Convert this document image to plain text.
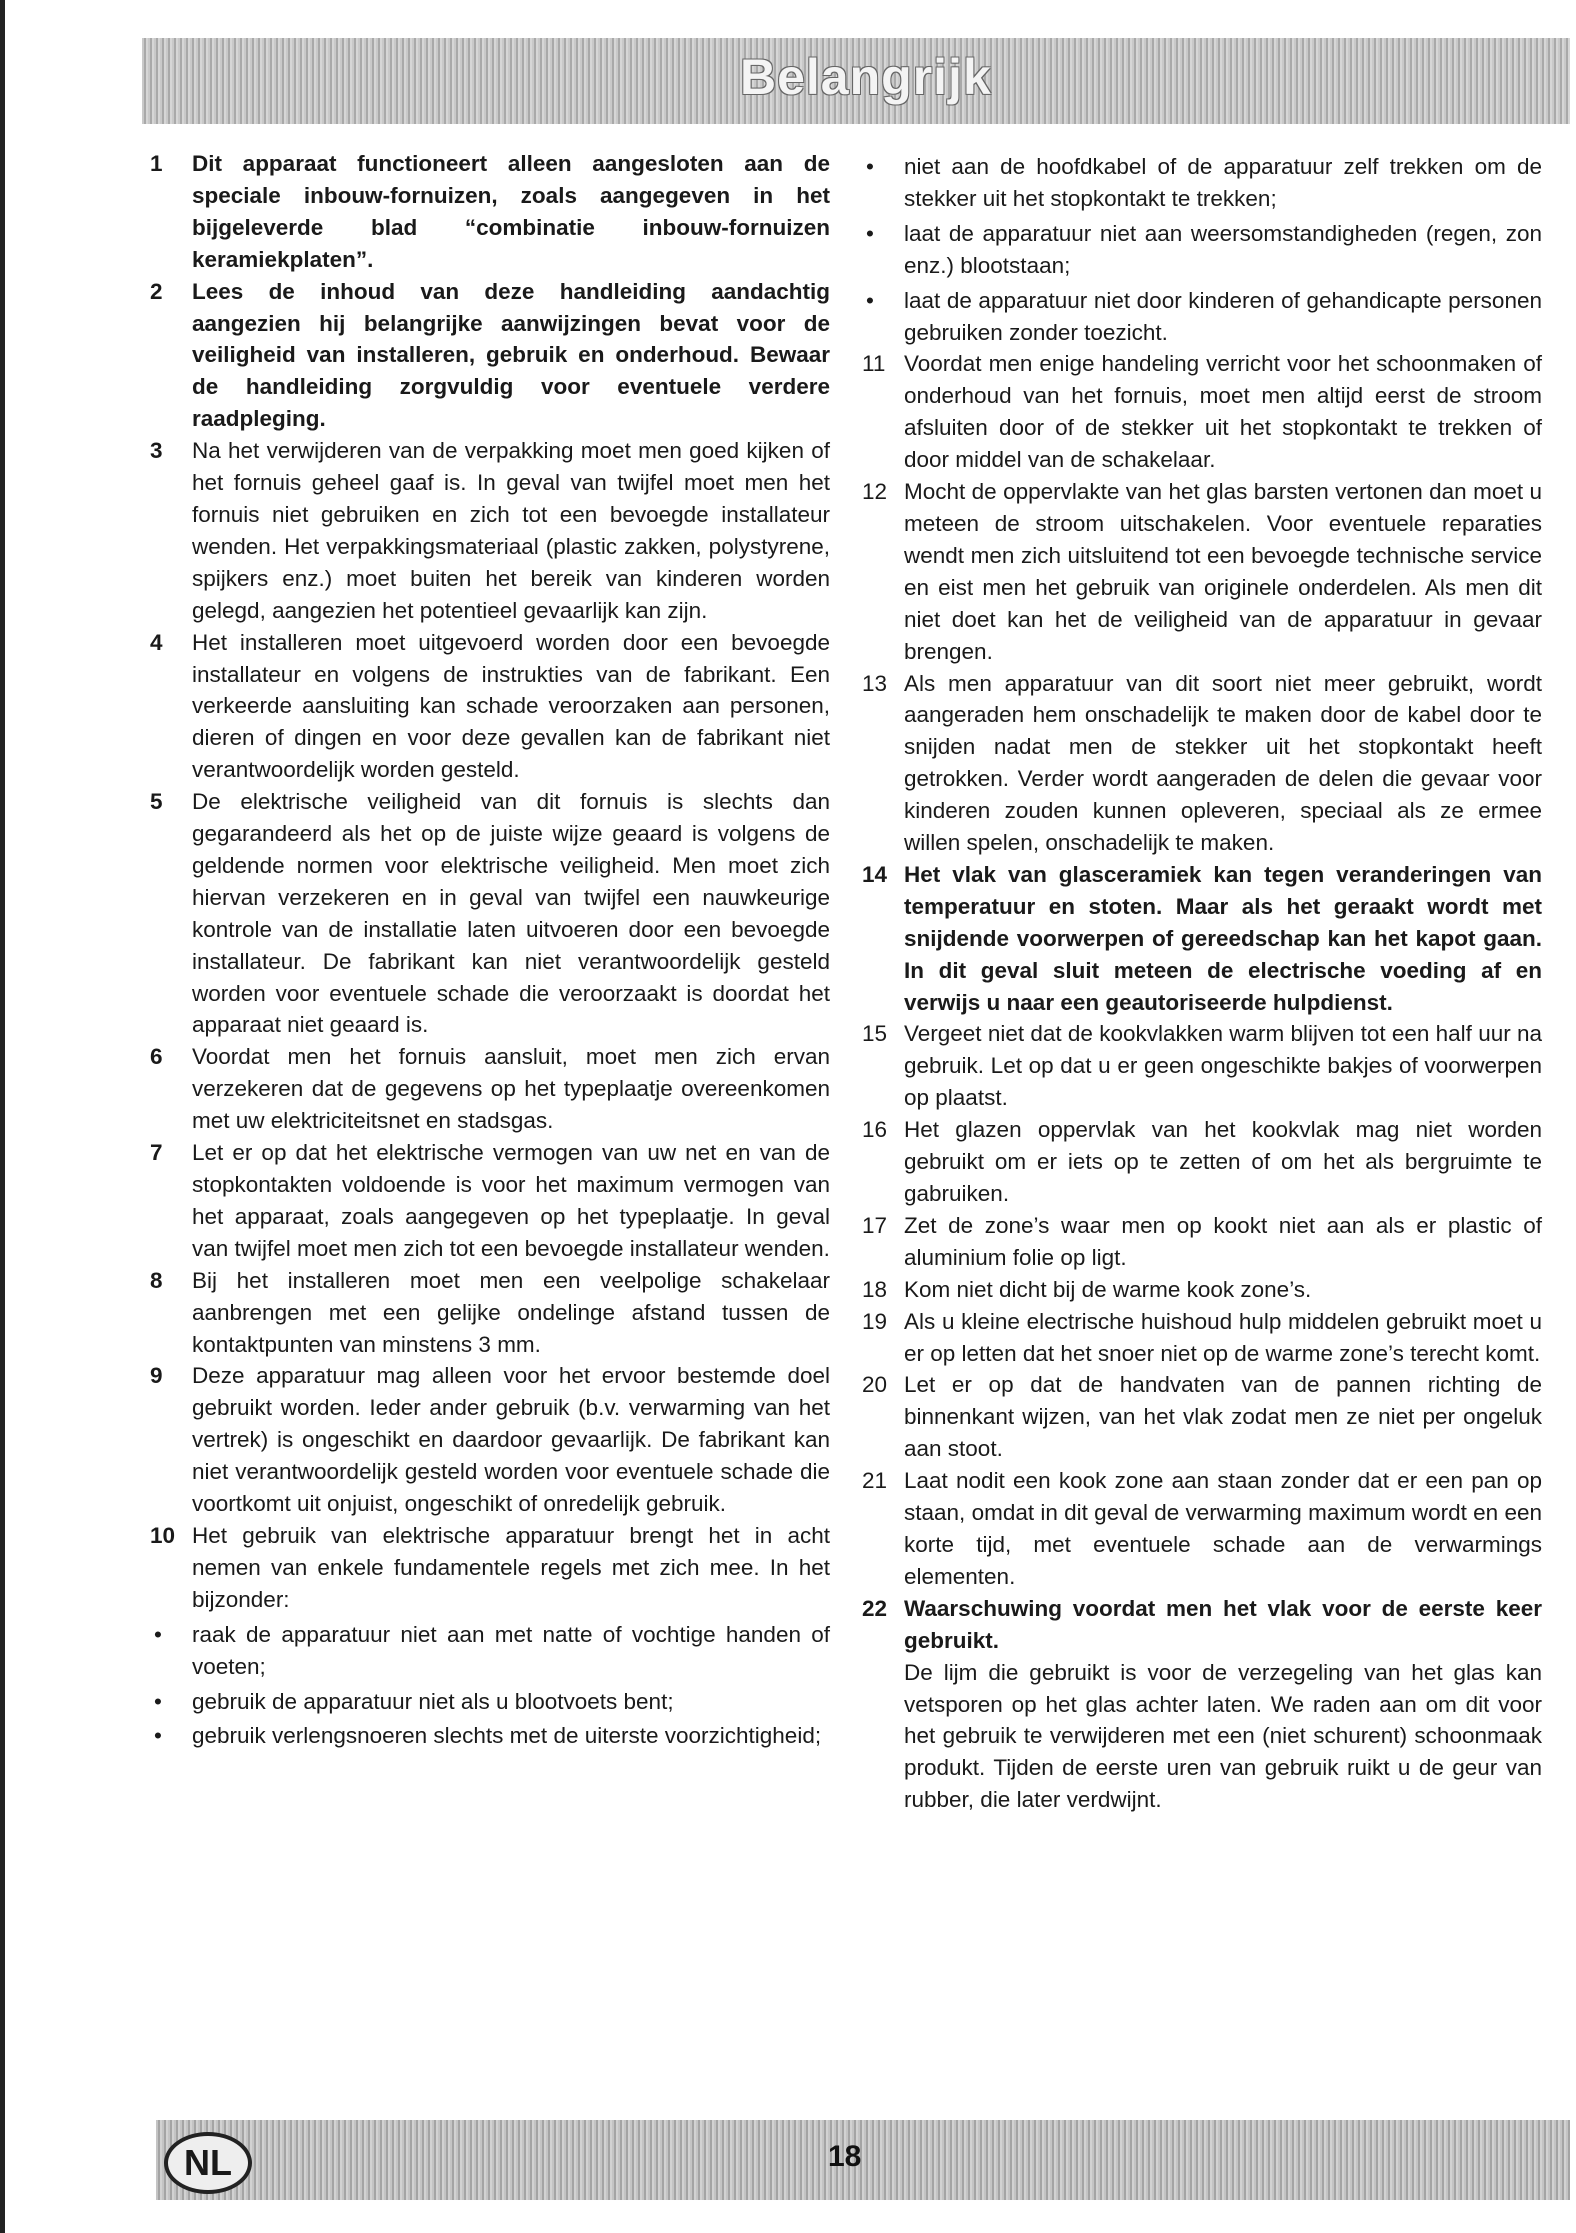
Belangrijk
1	Dit apparaat functioneert alleen aangesloten aan de speciale inbouw-fornuizen, zoals aangegeven in het bijgeleverde blad “combinatie inbouw-fornuizen keramiekplaten”.
2	Lees de inhoud van deze handleiding aandachtig aangezien hij belangrijke aanwijzingen bevat voor de veiligheid van installeren, gebruik en onderhoud. Bewaar de handleiding zorgvuldig voor eventuele verdere raadpleging.
3	Na het verwijderen van de verpakking moet men goed kijken of het fornuis geheel gaaf is. In geval van twijfel moet men het fornuis niet gebruiken en zich tot een bevoegde installateur wenden. Het verpakkingsmateriaal (plastic zakken, polystyrene, spijkers enz.) moet buiten het bereik van kinderen worden gelegd, aangezien het potentieel gevaarlijk kan zijn.
4	Het installeren moet uitgevoerd worden door een bevoegde installateur en volgens de instrukties van de fabrikant. Een verkeerde aansluiting kan schade veroorzaken aan personen, dieren of dingen en voor deze gevallen kan de fabrikant niet verantwoordelijk worden gesteld.
5	De elektrische veiligheid van dit fornuis is slechts dan gegarandeerd als het op de juiste wijze geaard is volgens de geldende normen voor elektrische veiligheid. Men moet zich hiervan verzekeren en in geval van twijfel een nauwkeurige kontrole van de installatie laten uitvoeren door een bevoegde installateur. De fabrikant kan niet verantwoordelijk gesteld worden voor eventuele schade die veroorzaakt is doordat het apparaat niet geaard is.
6	Voordat men het fornuis aansluit, moet men zich ervan verzekeren dat de gegevens op het typeplaatje overeenkomen met uw elektriciteitsnet en stadsgas.
7	Let er op dat het elektrische vermogen van uw net en van de stopkontakten voldoende is voor het maximum vermogen van het apparaat, zoals aangegeven op het typeplaatje. In geval van twijfel moet men zich tot een bevoegde installateur wenden.
8	Bij het installeren moet men een veelpolige schakelaar aanbrengen met een gelijke ondelinge afstand tussen de kontaktpunten van minstens 3 mm.
9	Deze apparatuur mag alleen voor het ervoor bestemde doel gebruikt worden. Ieder ander gebruik (b.v. verwarming van het vertrek) is ongeschikt en daardoor gevaarlijk. De fabrikant kan niet verantwoordelijk gesteld worden voor eventuele schade die voortkomt uit onjuist, ongeschikt of onredelijk gebruik.
10 Het gebruik van elektrische apparatuur brengt het in acht nemen van enkele fundamentele regels met zich mee. In het bijzonder:
• raak de apparatuur niet aan met natte of vochtige handen of voeten;
• gebruik de apparatuur niet als u blootvoets bent;
• gebruik verlengsnoeren slechts met de uiterste voorzichtigheid;
• niet aan de hoofdkabel of de apparatuur zelf trekken om de stekker uit het stopkontakt te trekken;
• laat de apparatuur niet aan weersomstandigheden (regen, zon enz.) blootstaan;
• laat de apparatuur niet door kinderen of gehandicapte personen gebruiken zonder toezicht.
11 Voordat men enige handeling verricht voor het schoonmaken of onderhoud van het fornuis, moet men altijd eerst de stroom afsluiten door of de stekker uit het stopkontakt te trekken of door middel van de schakelaar.
12 Mocht de oppervlakte van het glas barsten vertonen dan moet u meteen de stroom uitschakelen. Voor eventuele reparaties wendt men zich uitsluitend tot een bevoegde technische service en eist men het gebruik van originele onderdelen. Als men dit niet doet kan het de veiligheid van de apparatuur in gevaar brengen.
13 Als men apparatuur van dit soort niet meer gebruikt, wordt aangeraden hem onschadelijk te maken door de kabel door te snijden nadat men de stekker uit het stopkontakt heeft getrokken. Verder wordt aangeraden de delen die gevaar voor kinderen zouden kunnen opleveren, speciaal als ze ermee willen spelen, onschadelijk te maken.
14 Het vlak van glasceramiek kan tegen veranderingen van temperatuur en stoten. Maar als het geraakt wordt met snijdende voorwerpen of gereedschap kan het kapot gaan. In dit geval sluit meteen de electrische voeding af en verwijs u naar een geautoriseerde hulpdienst.
15 Vergeet niet dat de kookvlakken warm blijven tot een half uur na gebruik. Let op dat u er geen ongeschikte bakjes of voorwerpen op plaatst.
16 Het glazen oppervlak van het kookvlak mag niet worden gebruikt om er iets op te zetten of om het als bergruimte te gabruiken.
17 Zet de zone’s waar men op kookt niet aan als er plastic of aluminium folie op ligt.
18 Kom niet dicht bij de warme kook zone’s.
19 Als u kleine electrische huishoud hulp middelen gebruikt moet u er op letten dat het snoer niet op de warme zone’s terecht komt.
20 Let er op dat de handvaten van de pannen richting de binnenkant wijzen, van het vlak zodat men ze niet per ongeluk aan stoot.
21 Laat nodit een kook zone aan staan zonder dat er een pan op staan, omdat in dit geval de verwarming maximum wordt en een korte tijd, met eventuele schade aan de verwarmings elementen.
22 Waarschuwing voordat men het vlak voor de eerste keer gebruikt.
De lijm die gebruikt is voor de verzegeling van het glas kan vetsporen op het glas achter laten. We raden aan om dit voor het gebruik te verwijderen met een (niet schurent) schoonmaak produkt. Tijden de eerste uren van gebruik ruikt u de geur van rubber, die later verdwijnt.
NL	18
